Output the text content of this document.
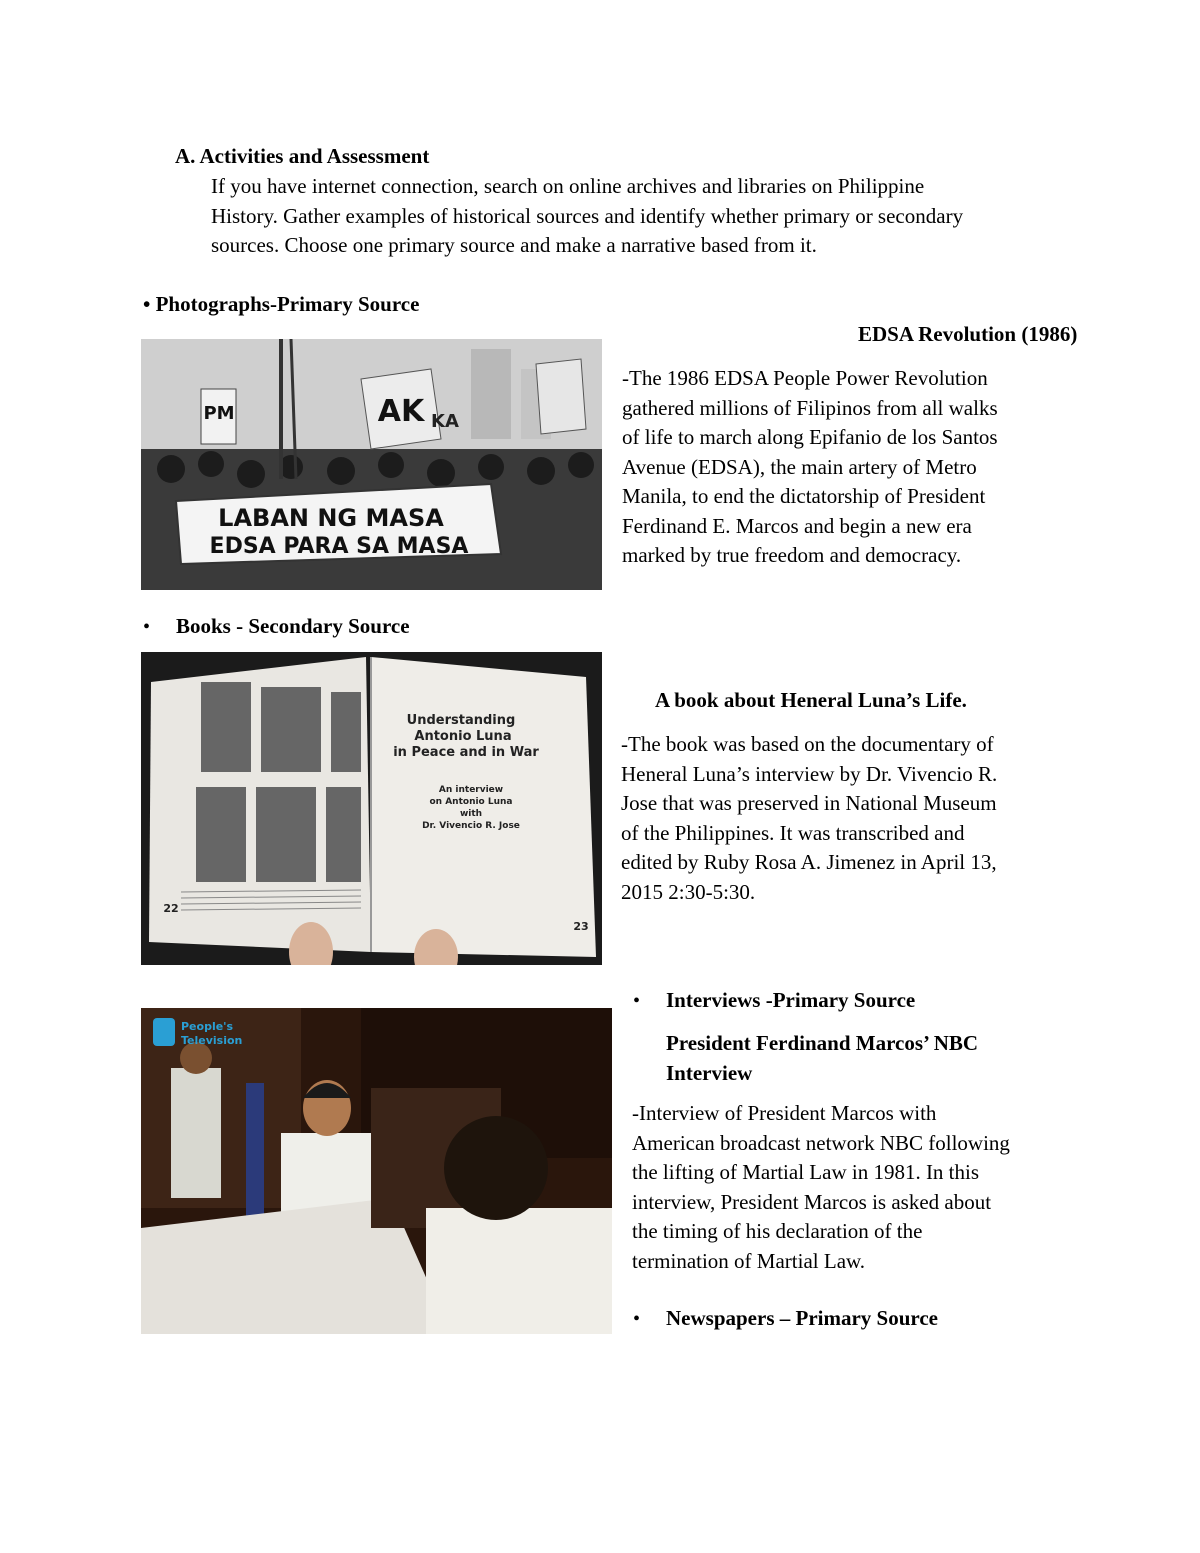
A. Activities and Assessment
If you have internet connection, search on online archives and libraries on Philippine
History. Gather examples of historical sources and identify whether primary or secondary
sources. Choose one primary source and make a narrative based from it.
• Photographs-Primary Source
EDSA Revolution (1986)
PM	AK KA
LABAN NG MASA
EDSA PARA SA MASA
-The 1986 EDSA People Power Revolution
gathered millions of Filipinos from all walks
of life to march along Epifanio de los Santos
Avenue (EDSA), the main artery of Metro
Manila, to end the dictatorship of President
Ferdinand E. Marcos and begin a new era
marked by true freedom and democracy.
• Books - Secondary Source
Understanding
Antonio Luna
in Peace and in War
An interview
on Antonio Luna
with
Dr. Vivencio R. Jose
22
23
A book about Heneral Luna’s Life.
-The book was based on the documentary of
Heneral Luna’s interview by Dr. Vivencio R.
Jose that was preserved in National Museum
of the Philippines. It was transcribed and
edited by Ruby Rosa A. Jimenez in April 13,
2015 2:30-5:30.
People's
Television
• Interviews -Primary Source
President Ferdinand Marcos’ NBC
Interview
-Interview of President Marcos with
American broadcast network NBC following
the lifting of Martial Law in 1981. In this
interview, President Marcos is asked about
the timing of his declaration of the
termination of Martial Law.
• Newspapers – Primary Source
